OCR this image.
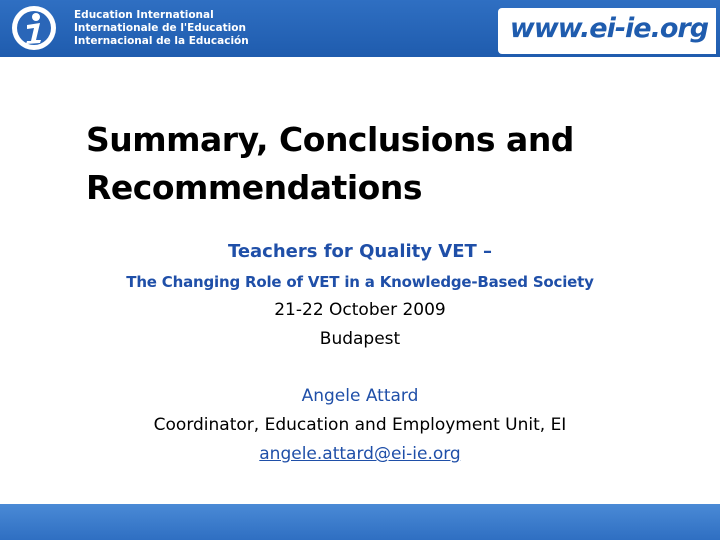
Education International
Internationale de l'Education
Internacional de la Educación	www.ei-ie.org
Summary, Conclusions and
Recommendations
Teachers for Quality VET –
The Changing Role of VET in a Knowledge-Based Society
21-22 October 2009
Budapest
Angele Attard
Coordinator, Education and Employment Unit, EI
angele.attard@ei-ie.org
